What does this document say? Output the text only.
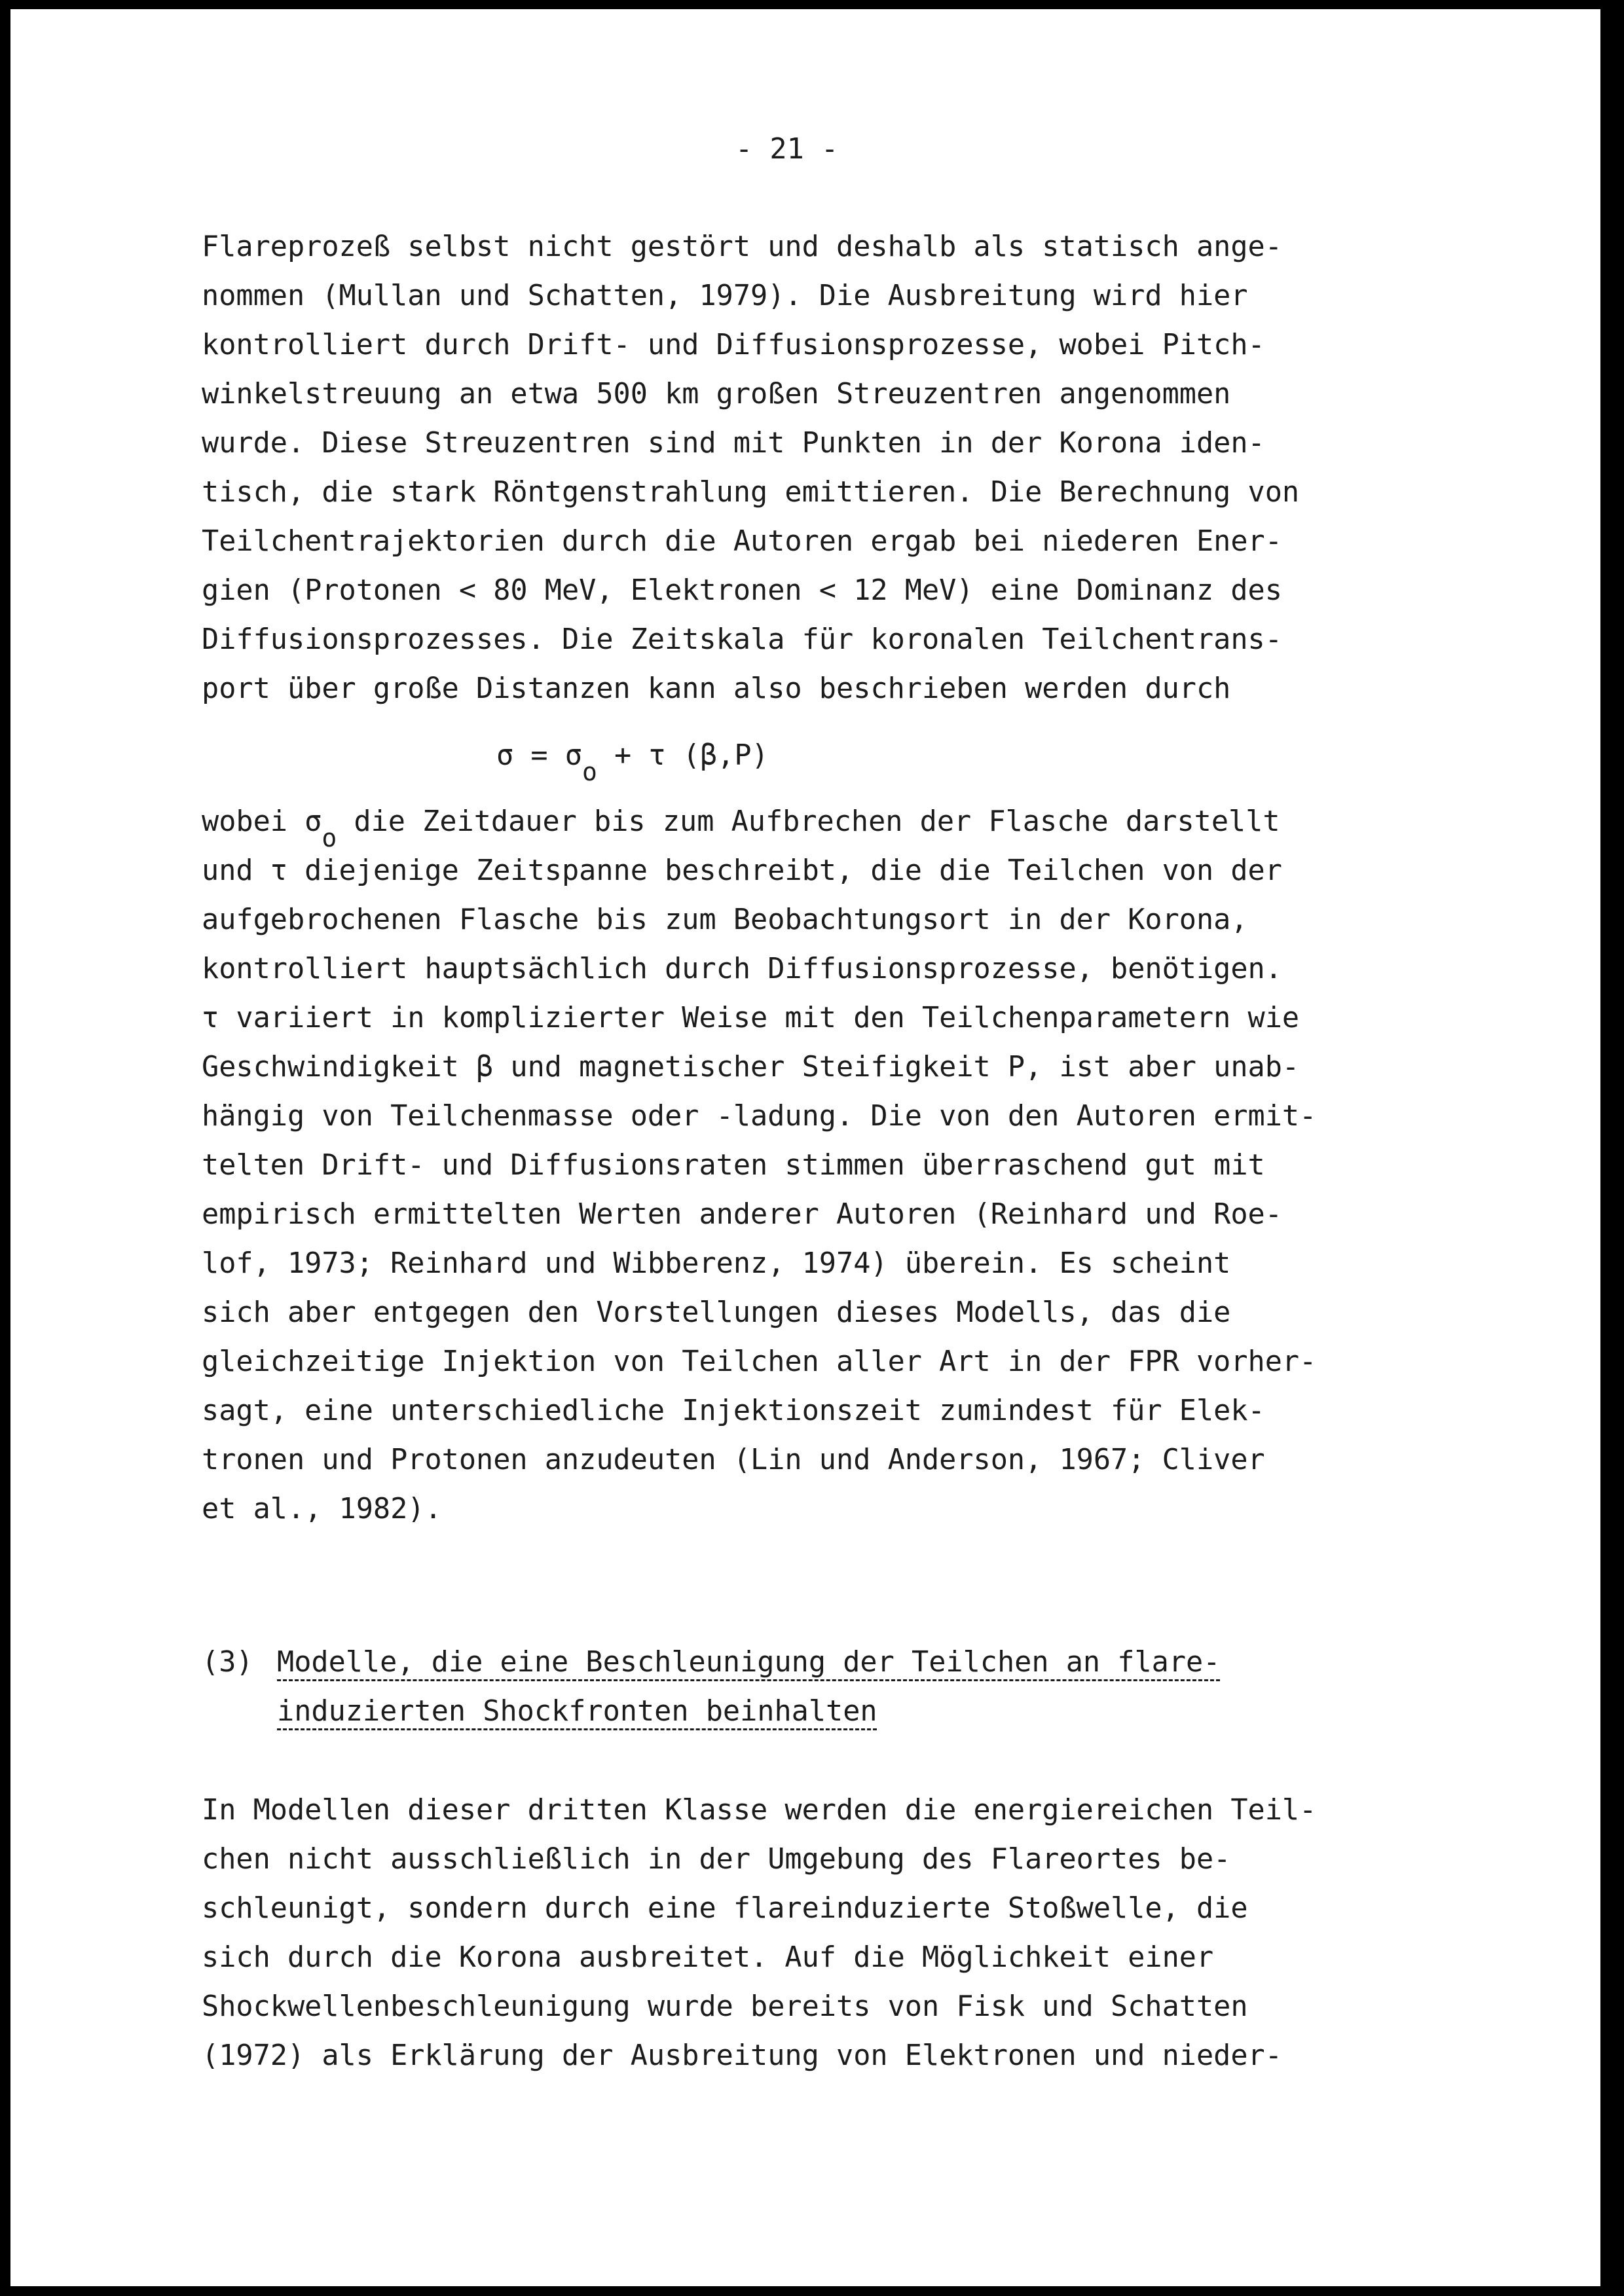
- 21 -

Flareprozeß selbst nicht gestört und deshalb als statisch ange-

nommen (Mullan und Schatten, 1979). Die Ausbreitung wird hier

kontrolliert durch Drift- und Diffusionsprozesse, wobei Pitch-

winkelstreuung an etwa 500 km großen Streuzentren angenommen

wurde. Diese Streuzentren sind mit Punkten in der Korona iden-

tisch, die stark Röntgenstrahlung emittieren. Die Berechnung von

Teilchentrajektorien durch die Autoren ergab bei niederen Ener-

gien (Protonen < 80 MeV, Elektronen < 12 MeV) eine Dominanz des

Diffusionsprozesses. Die Zeitskala für koronalen Teilchentrans-

port über große Distanzen kann also beschrieben werden durch

σ = σo + τ (β,P)

wobei σo die Zeitdauer bis zum Aufbrechen der Flasche darstellt

und τ diejenige Zeitspanne beschreibt, die die Teilchen von der

aufgebrochenen Flasche bis zum Beobachtungsort in der Korona,

kontrolliert hauptsächlich durch Diffusionsprozesse, benötigen.

τ variiert in komplizierter Weise mit den Teilchenparametern wie

Geschwindigkeit β und magnetischer Steifigkeit P, ist aber unab-

hängig von Teilchenmasse oder -ladung. Die von den Autoren ermit-

telten Drift- und Diffusionsraten stimmen überraschend gut mit

empirisch ermittelten Werten anderer Autoren (Reinhard und Roe-

lof, 1973; Reinhard und Wibberenz, 1974) überein. Es scheint

sich aber entgegen den Vorstellungen dieses Modells, das die

gleichzeitige Injektion von Teilchen aller Art in der FPR vorher-

sagt, eine unterschiedliche Injektionszeit zumindest für Elek-

tronen und Protonen anzudeuten (Lin und Anderson, 1967; Cliver

et al., 1982).

(3) Modelle, die eine Beschleunigung der Teilchen an flare-

induzierten Shockfronten beinhalten

In Modellen dieser dritten Klasse werden die energiereichen Teil-

chen nicht ausschließlich in der Umgebung des Flareortes be-

schleunigt, sondern durch eine flareinduzierte Stoßwelle, die

sich durch die Korona ausbreitet. Auf die Möglichkeit einer

Shockwellenbeschleunigung wurde bereits von Fisk und Schatten

(1972) als Erklärung der Ausbreitung von Elektronen und nieder-
